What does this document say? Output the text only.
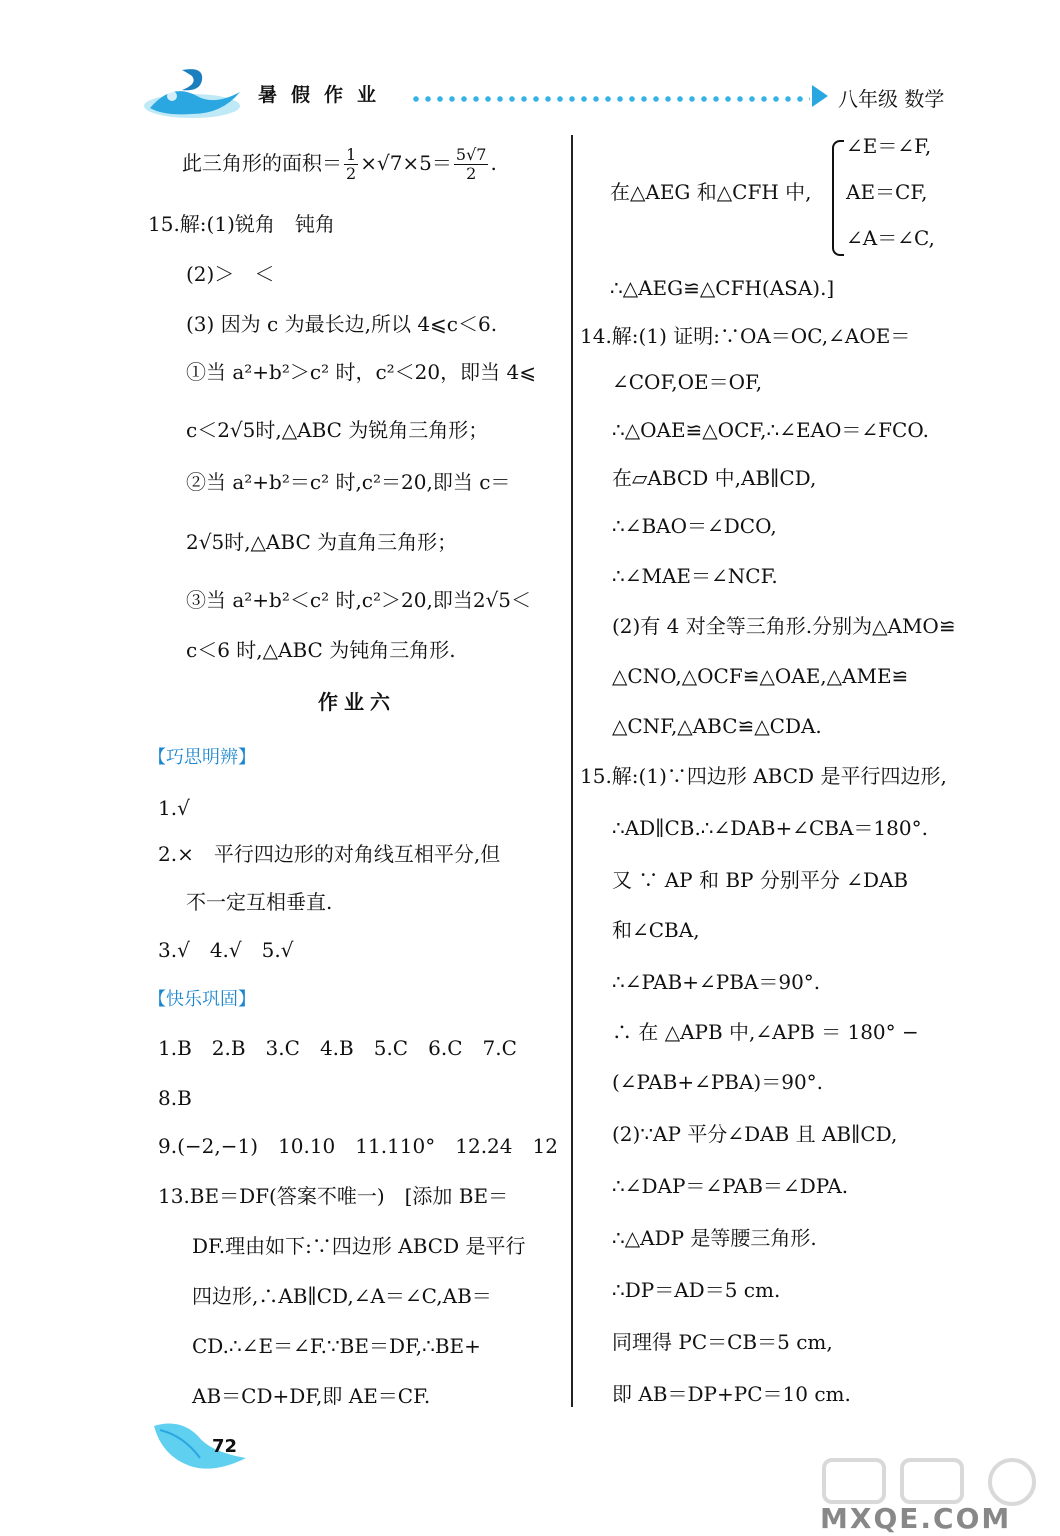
暑假作业	八年级 数学
此三角形的面积＝ $\frac{1}{2} \times√7\times 5= \frac{5√7}{2}$ .
15.解:(1)锐角　钝角
(2)＞　＜
(3) 因为 c 为最长边,所以 4⩽c＜6.
①当 a²+b²＞c² 时，c²＜20，即当 4⩽
c＜2√5时,△ABC 为锐角三角形；
②当 a²+b²＝c² 时,c²＝20,即当 c＝
2√5时,△ABC 为直角三角形；
③当 a²+b²＜c² 时,c²＞20,即当2√5＜
c＜6 时,△ABC 为钝角三角形.
作业六
【巧思明辨】
1.√
2.×　平行四边形的对角线互相平分,但
不一定互相垂直.
3.√　4.√　5.√
【快乐巩固】
1.B　2.B　3.C　4.B　5.C　6.C　7.C
8.B
9.(−2,−1)　10.10　11.110°　12.24　12
13.BE＝DF(答案不唯一)　[添加 BE＝
DF.理由如下:∵四边形 ABCD 是平行
四边形,∴AB∥CD,∠A＝∠C,AB＝
CD.∴∠E＝∠F.∵BE＝DF,∴BE+
AB＝CD+DF,即 AE＝CF.
∠E＝∠F,
在△AEG 和△CFH 中, AE＝CF,
∠A＝∠C,
∴△AEG≌△CFH(ASA).]
14.解:(1) 证明:∵OA＝OC,∠AOE＝
∠COF,OE＝OF,
∴△OAE≌△OCF,∴∠EAO＝∠FCO.
在▱ABCD 中,AB∥CD,
∴∠BAO＝∠DCO,
∴∠MAE＝∠NCF.
(2)有 4 对全等三角形.分别为△AMO≌
△CNO,△OCF≌△OAE,△AME≌
△CNF,△ABC≌△CDA.
15.解:(1)∵四边形 ABCD 是平行四边形,
∴AD∥CB.∴∠DAB+∠CBA＝180°.
又 ∵ AP 和 BP 分别平分 ∠DAB
和∠CBA,
∴∠PAB+∠PBA＝90°.
∴ 在 △APB 中,∠APB ＝ 180° −
(∠PAB+∠PBA)＝90°.
(2)∵AP 平分∠DAB 且 AB∥CD,
∴∠DAP＝∠PAB＝∠DPA.
∴△ADP 是等腰三角形.
∴DP＝AD＝5 cm.
同理得 PC＝CB＝5 cm,
即 AB＝DP+PC＝10 cm.
72
MXQE.COM
